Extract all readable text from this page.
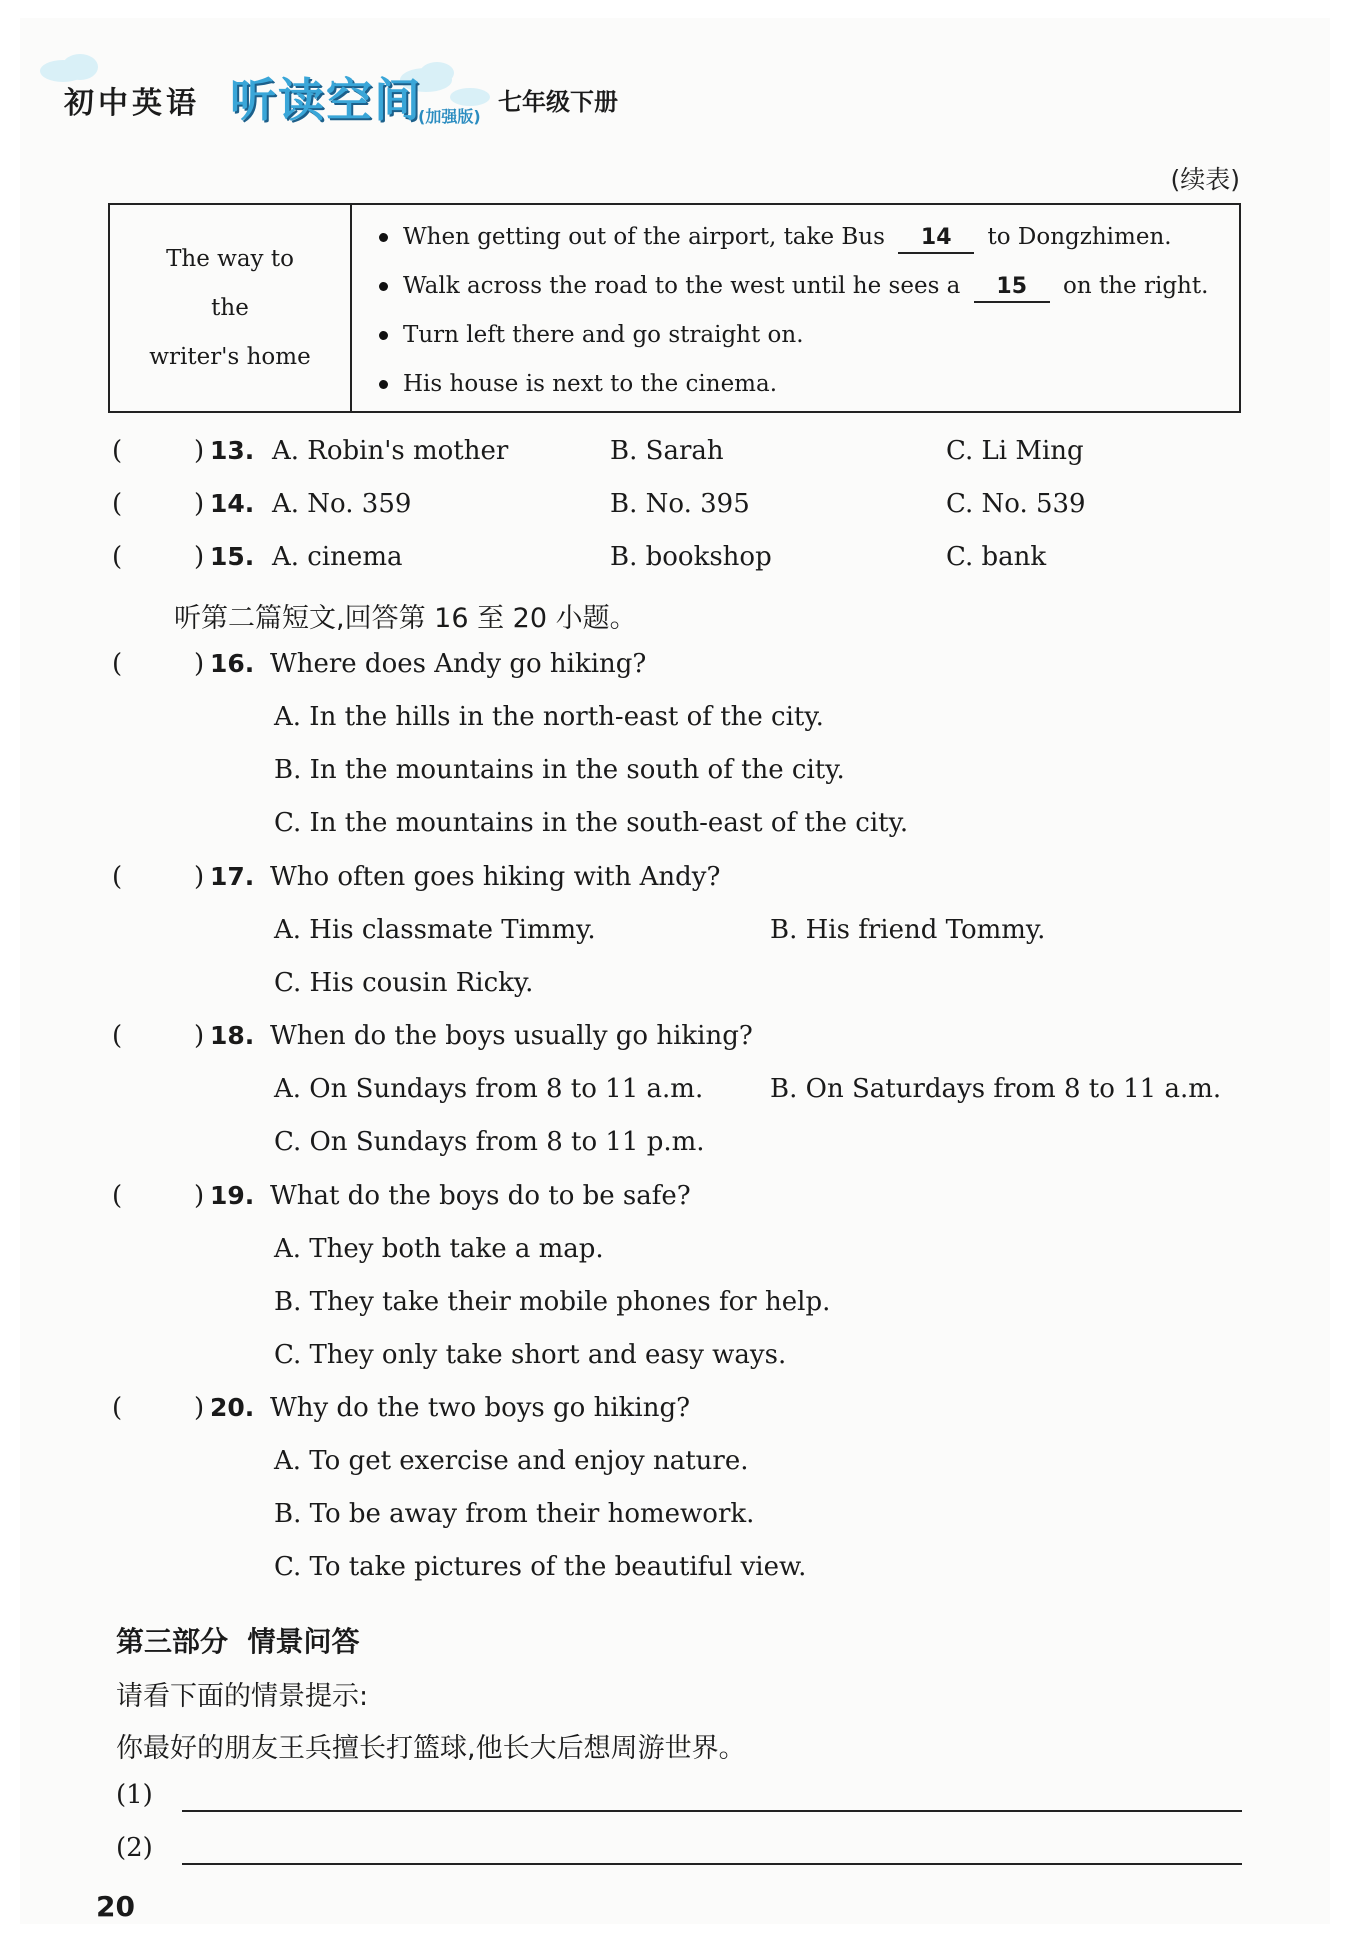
初中英语 听读空间
(加强版)
七年级下册
(续表)
The way to the
writer's home
When getting out of the airport, take Bus 14 to Dongzhimen.
Walk across the road to the west until he sees a 15 on the right.
Turn left there and go straight on.
His house is next to the cinema.
(	) 13. A. Robin's mother	B. Sarah	C. Li Ming
(	) 14. A. No. 359	B. No. 395	C. No. 539
(	) 15. A. cinema	B. bookshop	C. bank
听第二篇短文,回答第 16 至 20 小题。
(	) 16. Where does Andy go hiking?
A. In the hills in the north-east of the city.
B. In the mountains in the south of the city.
C. In the mountains in the south-east of the city.
(	) 17. Who often goes hiking with Andy?
A. His classmate Timmy.	B. His friend Tommy.
C. His cousin Ricky.
(	) 18. When do the boys usually go hiking?
A. On Sundays from 8 to 11 a.m.	B. On Saturdays from 8 to 11 a.m.
C. On Sundays from 8 to 11 p.m.
(	) 19. What do the boys do to be safe?
A. They both take a map.
B. They take their mobile phones for help.
C. They only take short and easy ways.
(	) 20. Why do the two boys go hiking?
A. To get exercise and enjoy nature.
B. To be away from their homework.
C. To take pictures of the beautiful view.
第三部分  情景问答
请看下面的情景提示:
你最好的朋友王兵擅长打篮球,他长大后想周游世界。
(1)
(2)
20
